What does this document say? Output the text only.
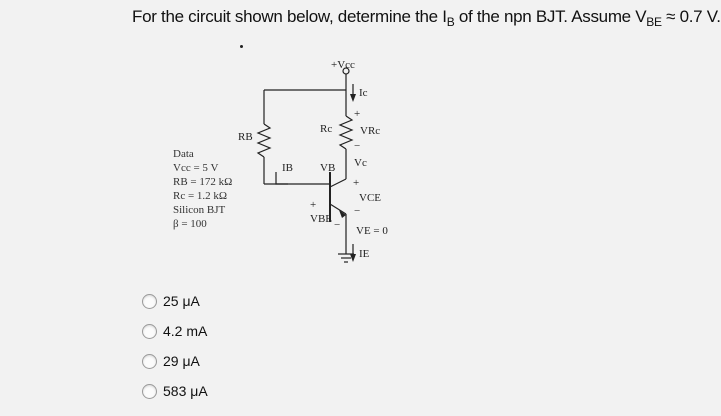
For the circuit shown below, determine the $I_B$ of the npn BJT. Assume $V_{BE} \approx 0.7$ V.
+Vcc
Ic
RB
Rc
+
VRc
−
IB VB Vc
+
VCE
−
+
VBE − VE = 0
IE
Data
Vcc = 5 V
RB = 172 kΩ
Rc = 1.2 kΩ
Silicon BJT
β = 100
25 μA
4.2 mA
29 μA
583 μA
